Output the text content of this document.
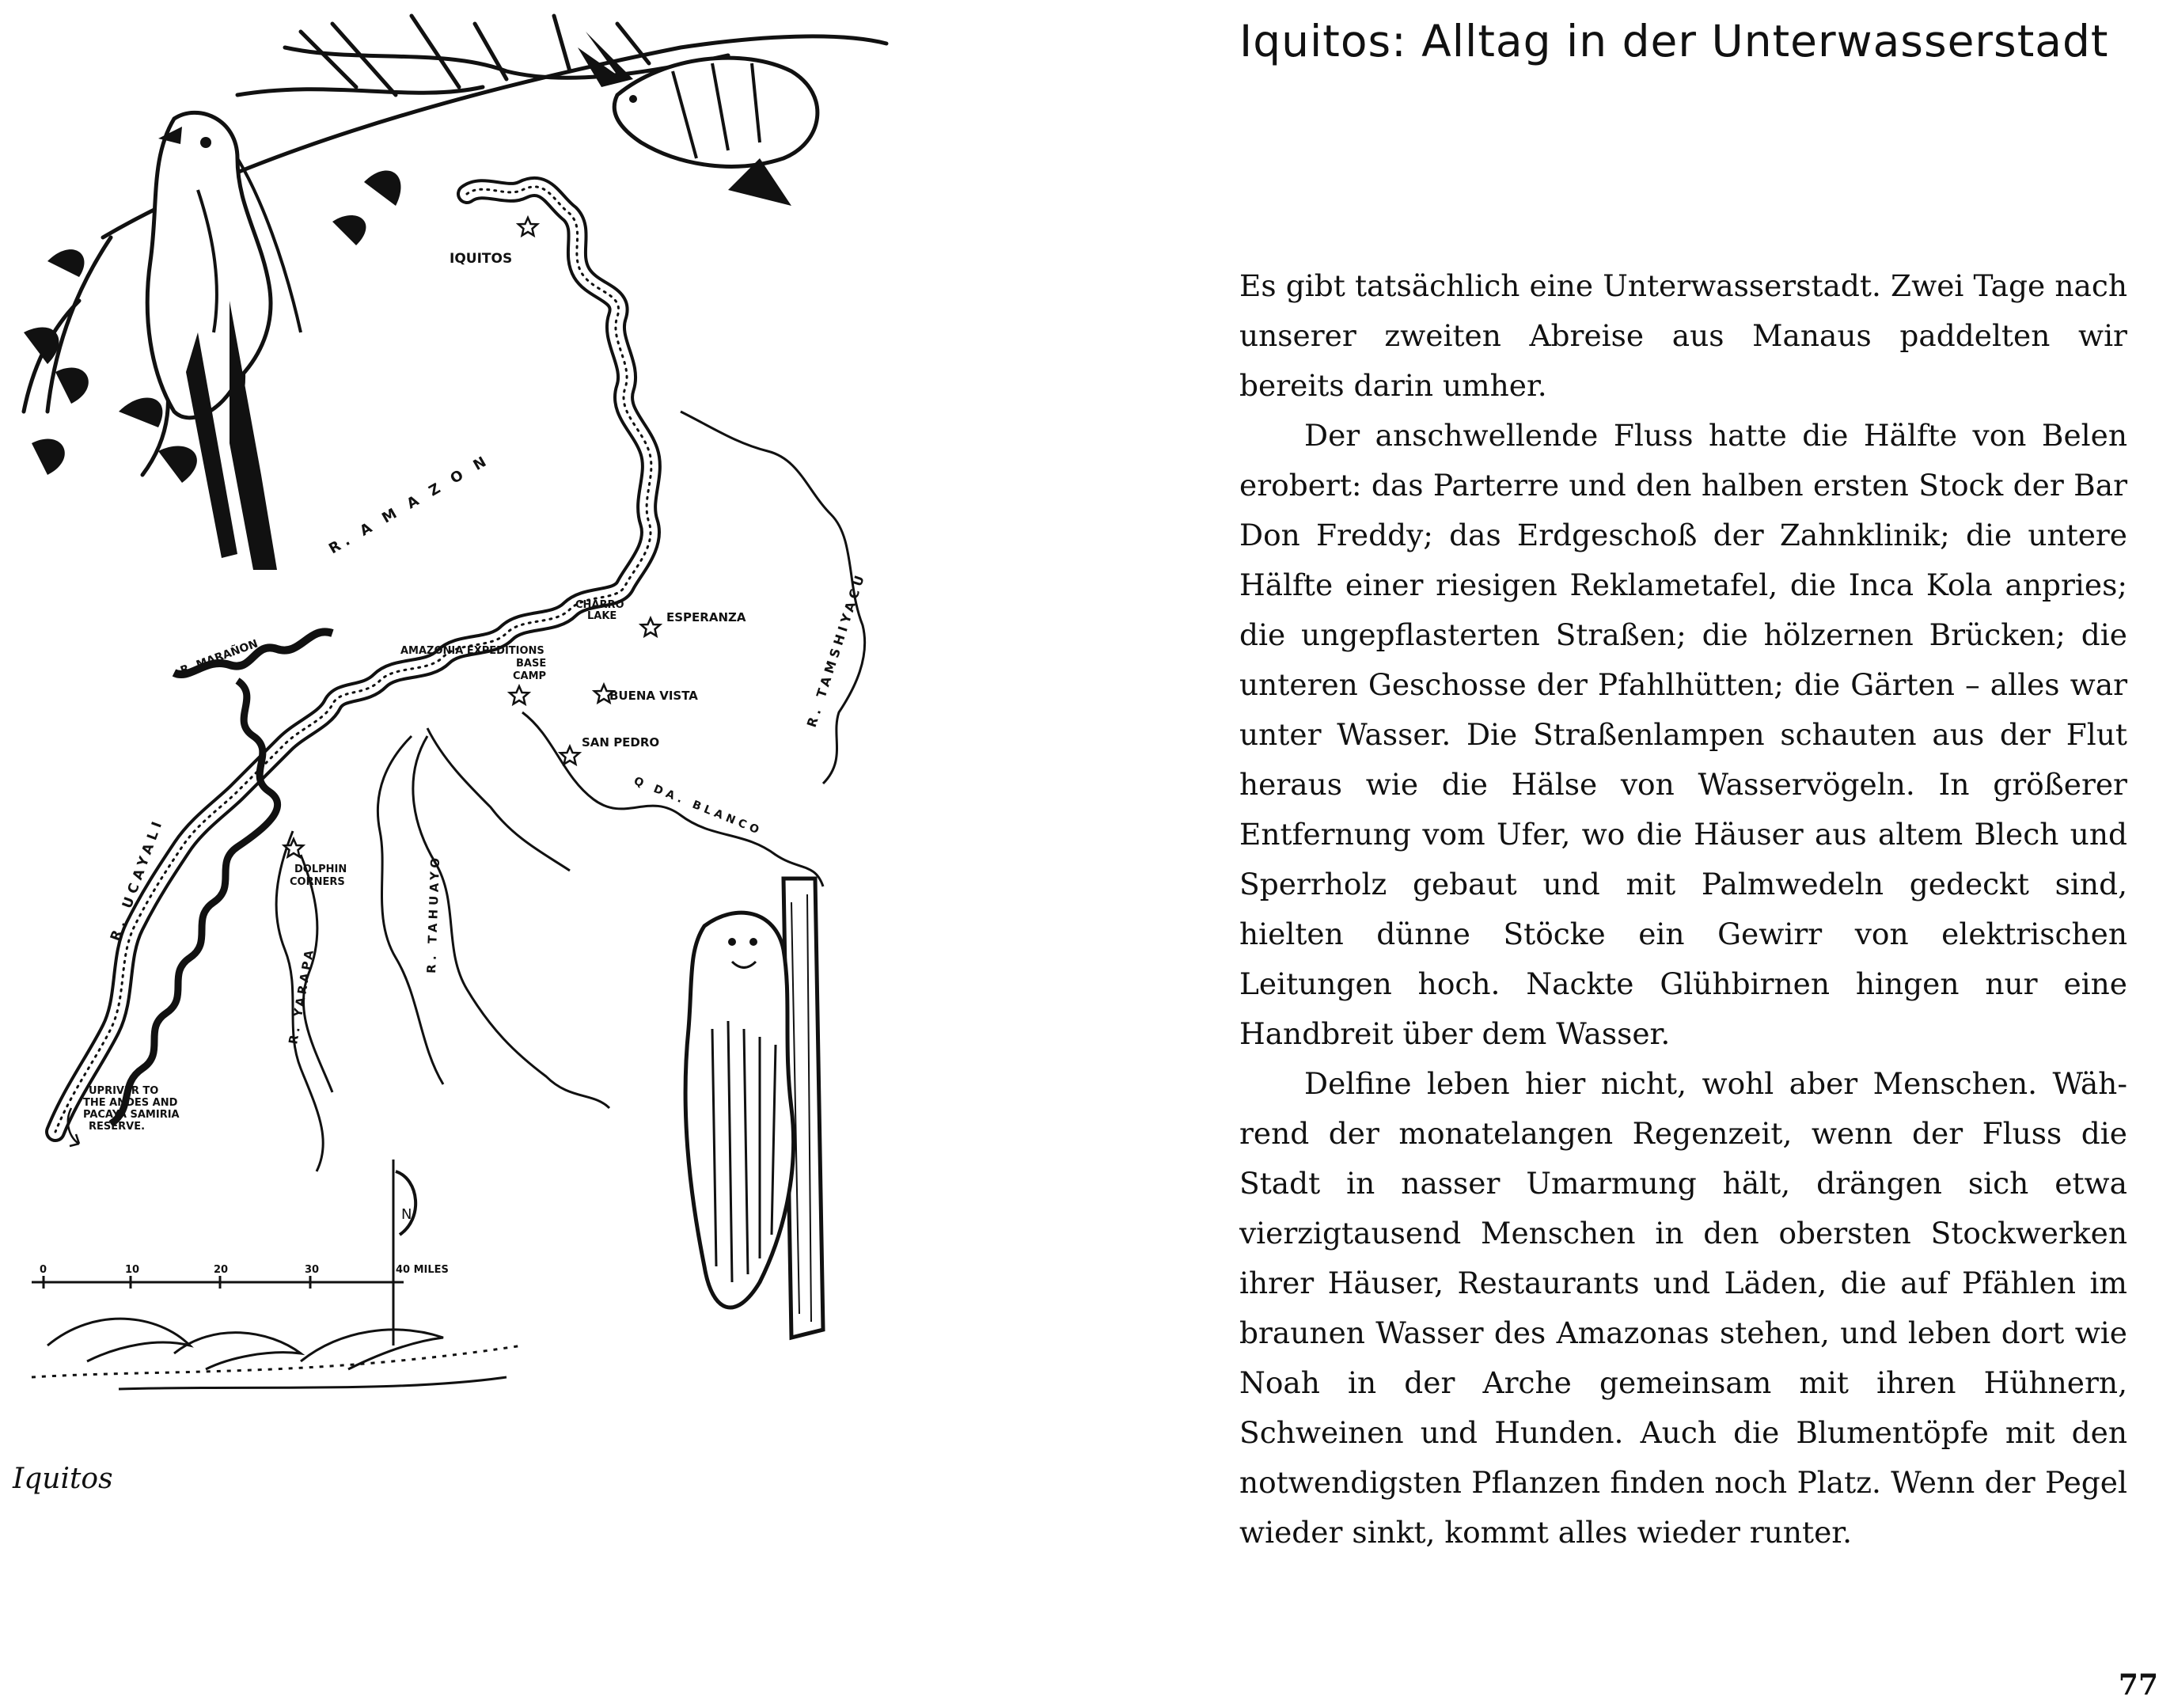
IQUITOS
R. A M A Z O N
R. MARAÑON	R. TAMSHIYACU
R. UCAYALI
R. YARAPA
R. TAHUAYO
Q DA. BLANCO
CHARRO LAKE	ESPERANZA
AMAZONIA EXPEDITIONS BASE CAMP
BUENA VISTA
SAN PEDRO
DOLPHIN CORNERS
UPRIVER TO THE ANDES AND PACAYA SAMIRIA RESERVE.
N
0	10	20	30	40 MILES
Iquitos
Iquitos: Alltag in der Unterwasserstadt

Es gibt tatsächlich eine Unterwasserstadt. Zwei Tage nach unserer zweiten Abreise aus Manaus paddelten wir bereits darin umher.

Der anschwellende Fluss hatte die Hälfte von Belen erobert: das Parterre und den halben ersten Stock der Bar Don Freddy; das Erdgeschoß der Zahnklinik; die untere Hälfte einer riesigen Reklametafel, die Inca Kola anpries; die ungepflasterten Straßen; die hölzernen Brücken; die unteren Geschosse der Pfahlhütten; die Gärten – alles war unter Wasser. Die Straßenlampen schauten aus der Flut heraus wie die Hälse von Wasservögeln. In größerer Entfernung vom Ufer, wo die Häuser aus altem Blech und Sperrholz gebaut und mit Palmwedeln gedeckt sind, hielten dünne Stöcke ein Gewirr von elektrischen Leitungen hoch. Nackte Glühbirnen hingen nur eine Handbreit über dem Wasser.

Delfine leben hier nicht, wohl aber Menschen. Während der monatelangen Regenzeit, wenn der Fluss die Stadt in nasser Umarmung hält, drängen sich etwa vierzigtausend Menschen in den obersten Stockwerken ihrer Häuser, Restaurants und Läden, die auf Pfählen im braunen Wasser des Amazonas stehen, und leben dort wie Noah in der Arche gemeinsam mit ihren Hühnern, Schweinen und Hunden. Auch die Blumentöpfe mit den notwendigsten Pflanzen finden noch Platz. Wenn der Pegel wieder sinkt, kommt alles wieder runter.

77
